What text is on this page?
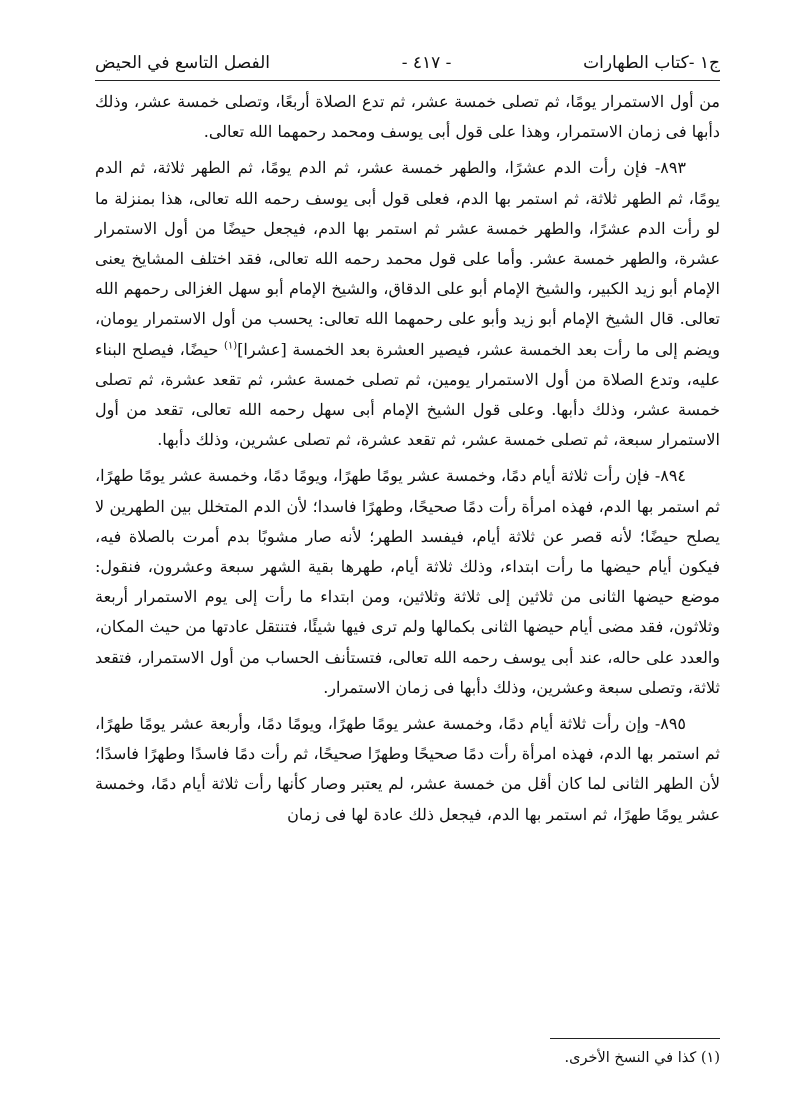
ج١ -كتاب الطهارات
- ٤١٧ -
الفصل التاسع في الحيض

من أول الاستمرار يومًا، ثم تصلى خمسة عشر، ثم تدع الصلاة أربعًا، وتصلى خمسة عشر، وذلك دأبها فى زمان الاستمرار، وهذا على قول أبى يوسف ومحمد رحمهما الله تعالى.

٨٩٣- فإن رأت الدم عشرًا، والطهر خمسة عشر، ثم الدم يومًا، ثم الطهر ثلاثة، ثم الدم يومًا، ثم الطهر ثلاثة، ثم استمر بها الدم، فعلى قول أبى يوسف رحمه الله تعالى، هذا بمنزلة ما لو رأت الدم عشرًا، والطهر خمسة عشر ثم استمر بها الدم، فيجعل حيضًا من أول الاستمرار عشرة، والطهر خمسة عشر. وأما على قول محمد رحمه الله تعالى، فقد اختلف المشايخ يعنى الإمام أبو زيد الكبير، والشيخ الإمام أبو على الدقاق، والشيخ الإمام أبو سهل الغزالى رحمهم الله تعالى. قال الشيخ الإمام أبو زيد وأبو على رحمهما الله تعالى: يحسب من أول الاستمرار يومان، ويضم إلى ما رأت بعد الخمسة عشر، فيصير العشرة بعد الخمسة [عشرا]$^{(١)}$ حيضًا، فيصلح البناء عليه، وتدع الصلاة من أول الاستمرار يومين، ثم تصلى خمسة عشر، ثم تقعد عشرة، ثم تصلى خمسة عشر، وذلك دأبها. وعلى قول الشيخ الإمام أبى سهل رحمه الله تعالى، تقعد من أول الاستمرار سبعة، ثم تصلى خمسة عشر، ثم تقعد عشرة، ثم تصلى عشرين، وذلك دأبها.

٨٩٤- فإن رأت ثلاثة أيام دمًا، وخمسة عشر يومًا طهرًا، ويومًا دمًا، وخمسة عشر يومًا طهرًا، ثم استمر بها الدم، فهذه امرأة رأت دمًا صحيحًا، وطهرًا فاسدا؛ لأن الدم المتخلل بين الطهرين لا يصلح حيضًا؛ لأنه قصر عن ثلاثة أيام، فيفسد الطهر؛ لأنه صار مشوبًا بدم أمرت بالصلاة فيه، فيكون أيام حيضها ما رأت ابتداء، وذلك ثلاثة أيام، طهرها بقية الشهر سبعة وعشرون، فنقول: موضع حيضها الثانى من ثلاثين إلى ثلاثة وثلاثين، ومن ابتداء ما رأت إلى يوم الاستمرار أربعة وثلاثون، فقد مضى أيام حيضها الثانى بكمالها ولم ترى فيها شيئًا، فتنتقل عادتها من حيث المكان، والعدد على حاله، عند أبى يوسف رحمه الله تعالى، فتستأنف الحساب من أول الاستمرار، فتقعد ثلاثة، وتصلى سبعة وعشرين، وذلك دأبها فى زمان الاستمرار.

٨٩٥- وإن رأت ثلاثة أيام دمًا، وخمسة عشر يومًا طهرًا، ويومًا دمًا، وأربعة عشر يومًا طهرًا، ثم استمر بها الدم، فهذه امرأة رأت دمًا صحيحًا وطهرًا صحيحًا، ثم رأت دمًا فاسدًا وطهرًا فاسدًا؛ لأن الطهر الثانى لما كان أقل من خمسة عشر، لم يعتبر وصار كأنها رأت ثلاثة أيام دمًا، وخمسة عشر يومًا طهرًا، ثم استمر بها الدم، فيجعل ذلك عادة لها فى زمان

(١) كذا في النسخ الأخرى.
